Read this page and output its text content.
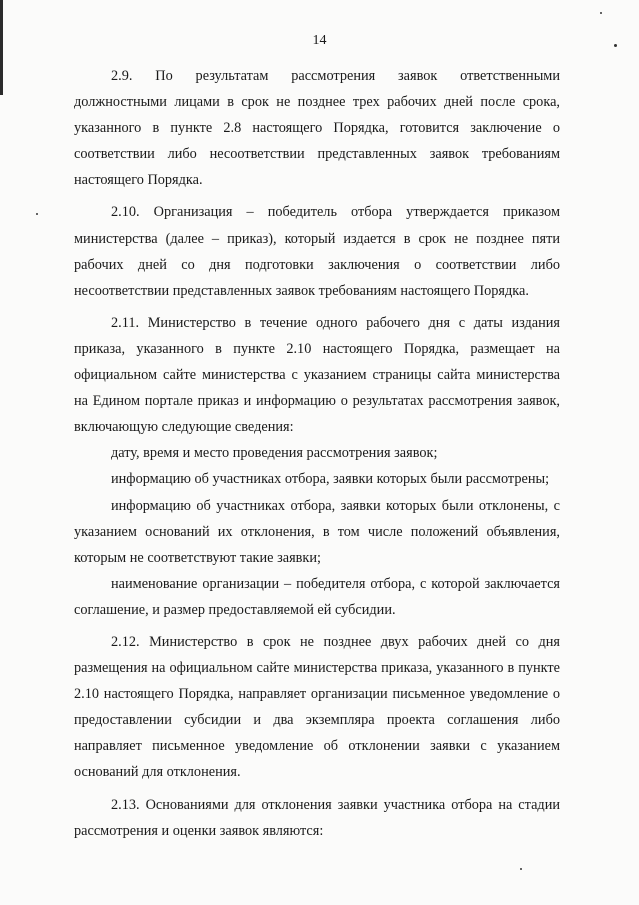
14

2.9. По результатам рассмотрения заявок ответственными должностными лицами в срок не позднее трех рабочих дней после срока, указанного в пункте 2.8 настоящего Порядка, готовится заключение о соответствии либо несоответствии представленных заявок требованиям настоящего Порядка.

2.10. Организация – победитель отбора утверждается приказом министерства (далее – приказ), который издается в срок не позднее пяти рабочих дней со дня подготовки заключения о соответствии либо несоответствии представленных заявок требованиям настоящего Порядка.

2.11. Министерство в течение одного рабочего дня с даты издания приказа, указанного в пункте 2.10 настоящего Порядка, размещает на официальном сайте министерства с указанием страницы сайта министерства на Едином портале приказ и информацию о результатах рассмотрения заявок, включающую следующие сведения:

дату, время и место проведения рассмотрения заявок;

информацию об участниках отбора, заявки которых были рассмотрены;

информацию об участниках отбора, заявки которых были отклонены, с указанием оснований их отклонения, в том числе положений объявления, которым не соответствуют такие заявки;

наименование организации – победителя отбора, с которой заключается соглашение, и размер предоставляемой ей субсидии.

2.12. Министерство в срок не позднее двух рабочих дней со дня размещения на официальном сайте министерства приказа, указанного в пункте 2.10 настоящего Порядка, направляет организации письменное уведомление о предоставлении субсидии и два экземпляра проекта соглашения либо направляет письменное уведомление об отклонении заявки с указанием оснований для отклонения.

2.13. Основаниями для отклонения заявки участника отбора на стадии рассмотрения и оценки заявок являются:
